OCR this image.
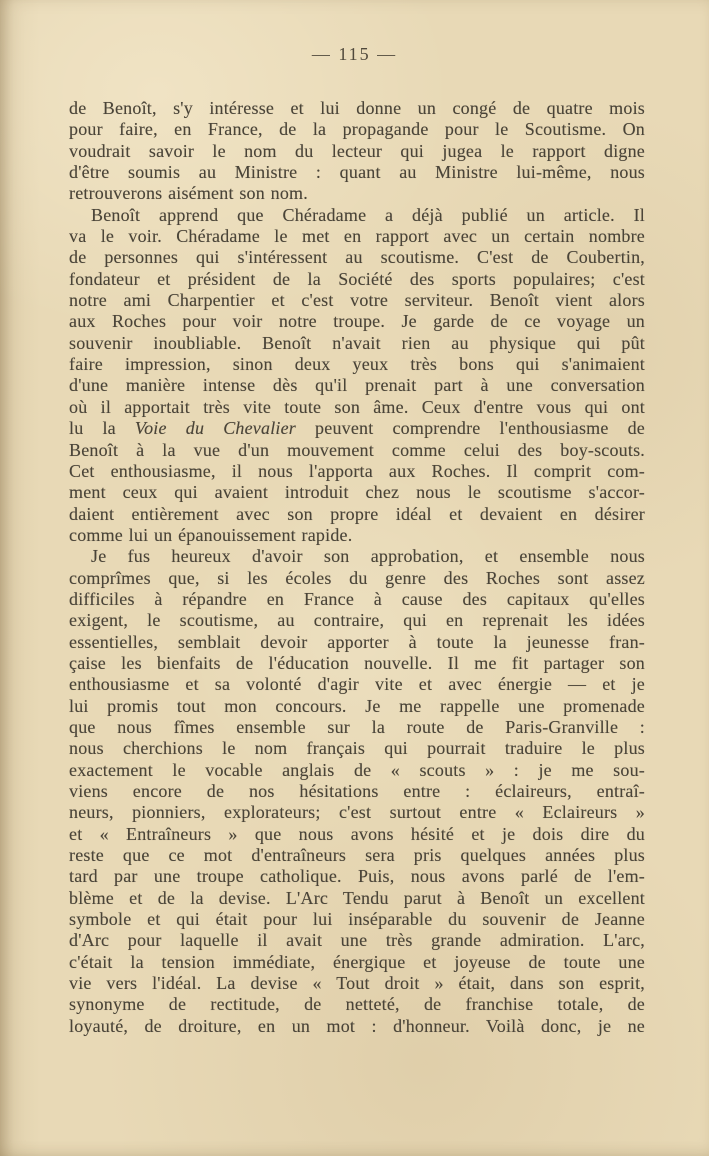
— 115 —
de Benoît, s'y intéresse et lui donne un congé de quatre mois
pour faire, en France, de la propagande pour le Scoutisme. On
voudrait savoir le nom du lecteur qui jugea le rapport digne
d'être soumis au Ministre : quant au Ministre lui-même, nous
retrouverons aisément son nom.
Benoît apprend que Chéradame a déjà publié un article. Il
va le voir. Chéradame le met en rapport avec un certain nombre
de personnes qui s'intéressent au scoutisme. C'est de Coubertin,
fondateur et président de la Société des sports populaires; c'est
notre ami Charpentier et c'est votre serviteur. Benoît vient alors
aux Roches pour voir notre troupe. Je garde de ce voyage un
souvenir inoubliable. Benoît n'avait rien au physique qui pût
faire impression, sinon deux yeux très bons qui s'animaient
d'une manière intense dès qu'il prenait part à une conversation
où il apportait très vite toute son âme. Ceux d'entre vous qui ont
lu la Voie du Chevalier peuvent comprendre l'enthousiasme de
Benoît à la vue d'un mouvement comme celui des boy-scouts.
Cet enthousiasme, il nous l'apporta aux Roches. Il comprit com-
ment ceux qui avaient introduit chez nous le scoutisme s'accor-
daient entièrement avec son propre idéal et devaient en désirer
comme lui un épanouissement rapide.
Je fus heureux d'avoir son approbation, et ensemble nous
comprîmes que, si les écoles du genre des Roches sont assez
difficiles à répandre en France à cause des capitaux qu'elles
exigent, le scoutisme, au contraire, qui en reprenait les idées
essentielles, semblait devoir apporter à toute la jeunesse fran-
çaise les bienfaits de l'éducation nouvelle. Il me fit partager son
enthousiasme et sa volonté d'agir vite et avec énergie — et je
lui promis tout mon concours. Je me rappelle une promenade
que nous fîmes ensemble sur la route de Paris-Granville :
nous cherchions le nom français qui pourrait traduire le plus
exactement le vocable anglais de « scouts » : je me sou-
viens encore de nos hésitations entre : éclaireurs, entraî-
neurs, pionniers, explorateurs; c'est surtout entre « Eclaireurs »
et « Entraîneurs » que nous avons hésité et je dois dire du
reste que ce mot d'entraîneurs sera pris quelques années plus
tard par une troupe catholique. Puis, nous avons parlé de l'em-
blème et de la devise. L'Arc Tendu parut à Benoît un excellent
symbole et qui était pour lui inséparable du souvenir de Jeanne
d'Arc pour laquelle il avait une très grande admiration. L'arc,
c'était la tension immédiate, énergique et joyeuse de toute une
vie vers l'idéal. La devise « Tout droit » était, dans son esprit,
synonyme de rectitude, de netteté, de franchise totale, de
loyauté, de droiture, en un mot : d'honneur. Voilà donc, je ne
